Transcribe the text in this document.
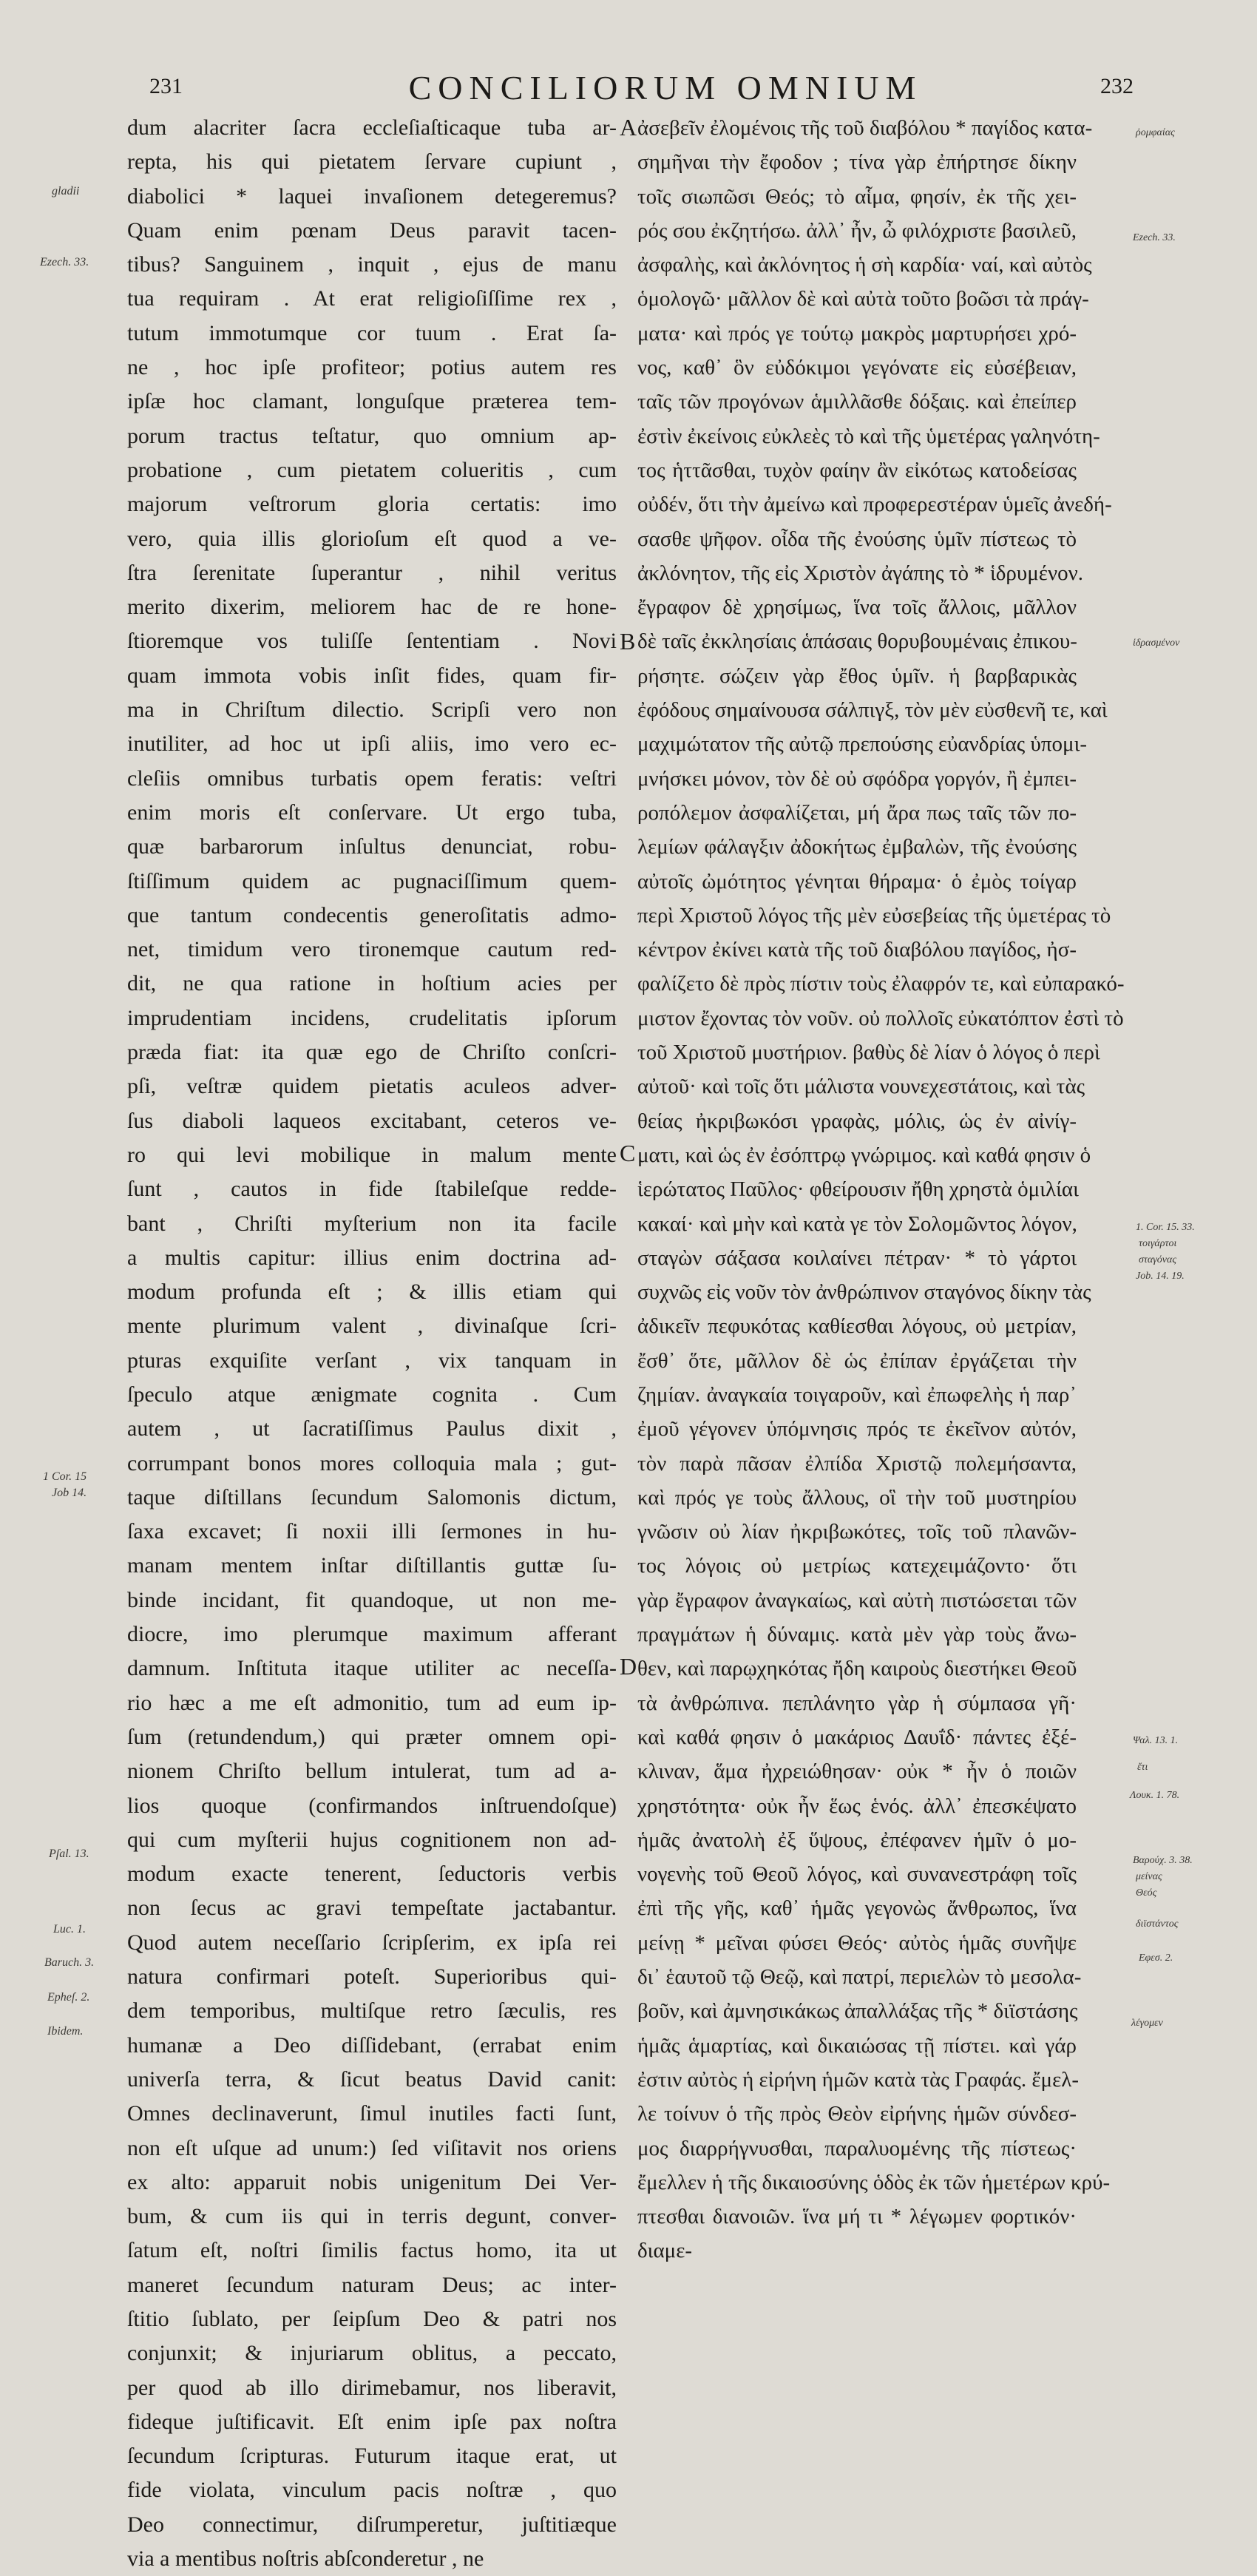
231	CONCILIORUM OMNIUM	232
dum alacriter ſacra eccleſiaſticaque tuba ar-
repta, his qui pietatem ſervare cupiunt ,
diabolici * laquei invaſionem detegeremus?
Quam enim pœnam Deus paravit tacen-
tibus? Sanguinem , inquit , ejus de manu
tua requiram . At erat religioſiſſime rex ,
tutum immotumque cor tuum . Erat ſa-
ne , hoc ipſe profiteor; potius autem res
ipſæ hoc clamant, longuſque præterea tem-
porum tractus teſtatur, quo omnium ap-
probatione , cum pietatem colueritis , cum
majorum veſtrorum gloria certatis: imo
vero, quia illis glorioſum eſt quod a ve-
ſtra ſerenitate ſuperantur , nihil veritus
merito dixerim, meliorem hac de re hone-
ſtioremque vos tuliſſe ſententiam . Novi
quam immota vobis inſit fides, quam fir-
ma in Chriſtum dilectio. Scripſi vero non
inutiliter, ad hoc ut ipſi aliis, imo vero ec-
cleſiis omnibus turbatis opem feratis: veſtri
enim moris eſt conſervare. Ut ergo tuba,
quæ barbarorum inſultus denunciat, robu-
ſtiſſimum quidem ac pugnaciſſimum quem-
que tantum condecentis generoſitatis admo-
net, timidum vero tironemque cautum red-
dit, ne qua ratione in hoſtium acies per
imprudentiam incidens, crudelitatis ipſorum
præda fiat: ita quæ ego de Chriſto conſcri-
pſi, veſtræ quidem pietatis aculeos adver-
ſus diaboli laqueos excitabant, ceteros ve-
ro qui levi mobilique in malum mente
ſunt , cautos in fide ſtabileſque redde-
bant , Chriſti myſterium non ita facile
a multis capitur: illius enim doctrina ad-
modum profunda eſt ; & illis etiam qui
mente plurimum valent , divinaſque ſcri-
pturas exquiſite verſant , vix tanquam in
ſpeculo atque ænigmate cognita . Cum
autem , ut ſacratiſſimus Paulus dixit ,
corrumpant bonos mores colloquia mala ; gut-
taque diſtillans ſecundum Salomonis dictum,
ſaxa excavet; ſi noxii illi ſermones in hu-
manam mentem inſtar diſtillantis guttæ ſu-
binde incidant, fit quandoque, ut non me-
diocre, imo plerumque maximum afferant
damnum. Inſtituta itaque utiliter ac neceſſa-
rio hæc a me eſt admonitio, tum ad eum ip-
ſum (retundendum,) qui præter omnem opi-
nionem Chriſto bellum intulerat, tum ad a-
lios quoque (confirmandos inſtruendoſque)
qui cum myſterii hujus cognitionem non ad-
modum exacte tenerent, ſeductoris verbis
non ſecus ac gravi tempeſtate jactabantur.
Quod autem neceſſario ſcripſerim, ex ipſa rei
natura confirmari poteſt. Superioribus qui-
dem temporibus, multiſque retro ſæculis, res
humanæ a Deo diſſidebant, (errabat enim
univerſa terra, & ſicut beatus David canit:
Omnes declinaverunt, ſimul inutiles facti ſunt,
non eſt uſque ad unum:) ſed viſitavit nos oriens
ex alto: apparuit nobis unigenitum Dei Ver-
bum, & cum iis qui in terris degunt, conver-
ſatum eſt, noſtri ſimilis factus homo, ita ut
maneret ſecundum naturam Deus; ac inter-
ſtitio ſublato, per ſeipſum Deo & patri nos
conjunxit; & injuriarum oblitus, a peccato,
per quod ab illo dirimebamur, nos liberavit,
fideque juſtificavit. Eſt enim ipſe pax noſtra
ſecundum ſcripturas. Futurum itaque erat, ut
fide violata, vinculum pacis noſtræ , quo
Deo connectimur, diſrumperetur, juſtitiæque
via a mentibus noſtris abſconderetur , ne
ἀσεβεῖν ἐλομένοις τῆς τοῦ διαβόλου * παγίδος κατα-
σημῆναι τὴν ἔφοδον ; τίνα γὰρ ἐπήρτησε δίκην
τοῖς σιωπῶσι Θεός; τὸ αἷμα, φησίν, ἐκ τῆς χει-
ρός σου ἐκζητήσω. ἀλλ᾽ ἦν, ὦ φιλόχριστε βασιλεῦ,
ἀσφαλὴς, καὶ ἀκλόνητος ἡ σὴ καρδία· ναί, καὶ αὐτὸς
ὁμολογῶ· μᾶλλον δὲ καὶ αὐτὰ τοῦτο βοῶσι τὰ πράγ-
ματα· καὶ πρός γε τούτῳ μακρὸς μαρτυρήσει χρό-
νος, καθ᾽ ὃν εὐδόκιμοι γεγόνατε εἰς εὐσέβειαν,
ταῖς τῶν προγόνων ἁμιλλᾶσθε δόξαις. καὶ ἐπείπερ
ἐστὶν ἐκείνοις εὐκλεὲς τὸ καὶ τῆς ὑμετέρας γαληνότη-
τος ἡττᾶσθαι, τυχὸν φαίην ἂν εἰκότως κατοδείσας
οὐδέν, ὅτι τὴν ἀμείνω καὶ προφερεστέραν ὑμεῖς ἀνεδή-
σασθε ψῆφον. οἶδα τῆς ἐνούσης ὑμῖν πίστεως τὸ
ἀκλόνητον, τῆς εἰς Χριστὸν ἀγάπης τὸ * ἱδρυμένον.
ἔγραφον δὲ χρησίμως, ἵνα τοῖς ἄλλοις, μᾶλλον
δὲ ταῖς ἐκκλησίαις ἁπάσαις θορυβουμέναις ἐπικου-
ρήσητε. σώζειν γὰρ ἔθος ὑμῖν. ἡ βαρβαρικὰς
ἐφόδους σημαίνουσα σάλπιγξ, τὸν μὲν εὐσθενῆ τε, καὶ
μαχιμώτατον τῆς αὐτῷ πρεπούσης εὐανδρίας ὑπομι-
μνήσκει μόνον, τὸν δὲ οὐ σφόδρα γοργόν, ἢ ἐμπει-
ροπόλεμον ἀσφαλίζεται, μή ἄρα πως ταῖς τῶν πο-
λεμίων φάλαγξιν ἀδοκήτως ἐμβαλὼν, τῆς ἐνούσης
αὐτοῖς ὠμότητος γένηται θήραμα· ὁ ἐμὸς τοίγαρ
περὶ Χριστοῦ λόγος τῆς μὲν εὐσεβείας τῆς ὑμετέρας τὸ
κέντρον ἐκίνει κατὰ τῆς τοῦ διαβόλου παγίδος, ἠσ-
φαλίζετο δὲ πρὸς πίστιν τοὺς ἐλαφρόν τε, καὶ εὐπαρακό-
μιστον ἔχοντας τὸν νοῦν. οὐ πολλοῖς εὐκατόπτον ἐστὶ τὸ
τοῦ Χριστοῦ μυστήριον. βαθὺς δὲ λίαν ὁ λόγος ὁ περὶ
αὐτοῦ· καὶ τοῖς ὅτι μάλιστα νουνεχεστάτοις, καὶ τὰς
θείας ἠκριβωκόσι γραφὰς, μόλις, ὡς ἐν αἰνίγ-
ματι, καὶ ὡς ἐν ἐσόπτρῳ γνώριμος. καὶ καθά φησιν ὁ
ἱερώτατος Παῦλος· φθείρουσιν ἤθη χρηστὰ ὁμιλίαι
κακαί· καὶ μὴν καὶ κατὰ γε τὸν Σολομῶντος λόγον,
σταγὼν σάξασα κοιλαίνει πέτραν· * τὸ γάρτοι
συχνῶς εἰς νοῦν τὸν ἀνθρώπινον σταγόνος δίκην τὰς
ἀδικεῖν πεφυκότας καθίεσθαι λόγους, οὐ μετρίαν,
ἔσθ᾽ ὅτε, μᾶλλον δὲ ὡς ἐπίπαν ἐργάζεται τὴν
ζημίαν. ἀναγκαία τοιγαροῦν, καὶ ἐπωφελὴς ἡ παρ᾽
ἐμοῦ γέγονεν ὑπόμνησις πρός τε ἐκεῖνον αὐτόν,
τὸν παρὰ πᾶσαν ἐλπίδα Χριστῷ πολεμήσαντα,
καὶ πρός γε τοὺς ἄλλους, οἳ τὴν τοῦ μυστηρίου
γνῶσιν οὐ λίαν ἠκριβωκότες, τοῖς τοῦ πλανῶν-
τος λόγοις οὐ μετρίως κατεχειμάζοντο· ὅτι
γὰρ ἔγραφον ἀναγκαίως, καὶ αὐτὴ πιστώσεται τῶν
πραγμάτων ἡ δύναμις. κατὰ μὲν γὰρ τοὺς ἄνω-
θεν, καὶ παρῳχηκότας ἤδη καιροὺς διεστήκει Θεοῦ
τὰ ἀνθρώπινα. πεπλάνητο γὰρ ἡ σύμπασα γῆ·
καὶ καθά φησιν ὁ μακάριος Δαυΐδ· πάντες ἐξέ-
κλιναν, ἅμα ἠχρειώθησαν· οὐκ * ἦν ὁ ποιῶν
χρηστότητα· οὐκ ἦν ἕως ἑνός. ἀλλ᾽ ἐπεσκέψατο
ἡμᾶς ἀνατολὴ ἐξ ὕψους, ἐπέφανεν ἡμῖν ὁ μο-
νογενὴς τοῦ Θεοῦ λόγος, καὶ συνανεστράφη τοῖς
ἐπὶ τῆς γῆς, καθ᾽ ἡμᾶς γεγονὼς ἄνθρωπος, ἵνα
μείνῃ * μεῖναι φύσει Θεός· αὐτὸς ἡμᾶς συνῆψε
δι᾽ ἑαυτοῦ τῷ Θεῷ, καὶ πατρί, περιελὼν τὸ μεσολα-
βοῦν, καὶ ἀμνησικάκως ἀπαλλάξας τῆς * διϊστάσης
ἡμᾶς ἁμαρτίας, καὶ δικαιώσας τῇ πίστει. καὶ γάρ
ἐστιν αὐτὸς ἡ εἰρήνη ἡμῶν κατὰ τὰς Γραφάς. ἔμελ-
λε τοίνυν ὁ τῆς πρὸς Θεὸν εἰρήνης ἡμῶν σύνδεσ-
μος διαρρήγνυσθαι, παραλυομένης τῆς πίστεως·
ἔμελλεν ἡ τῆς δικαιοσύνης ὁδὸς ἐκ τῶν ἡμετέρων κρύ-
πτεσθαι διανοιῶν. ἵνα μή τι * λέγωμεν φορτικόν·
διαμε-
A
B
C
D
gladii
Ezech. 33.
1 Cor. 15
Job 14.
Pſal. 13.
Luc. 1.
Baruch. 3.
Epheſ. 2.
Ibidem.
ῥομφαίας
Ezech. 33.
ἱδρασμένον
1. Cor. 15. 33.
τοιγάρτοι
σταγόνας
Job. 14. 19.
Ψαλ. 13. 1.
ἔτι
Λουκ. 1. 78.
Βαρούχ. 3. 38.
μείνας
Θεός
διϊστάντος
Εφεσ. 2.
λέγομεν
